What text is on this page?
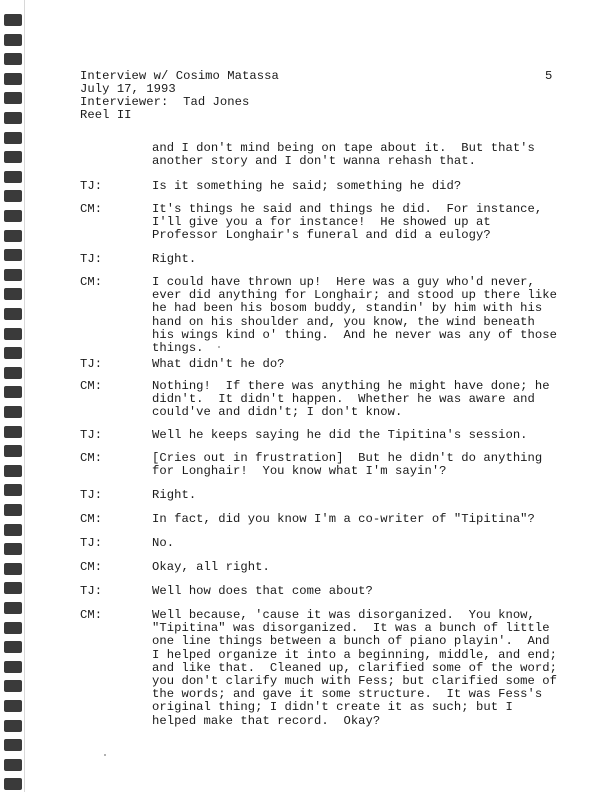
Interview w/ Cosimo Matassa
July 17, 1993
Interviewer:  Tad Jones
Reel II
5
and I don't mind being on tape about it.  But that's
another story and I don't wanna rehash that.
TJ:	Is it something he said; something he did?
CM:	It's things he said and things he did.  For instance,
I'll give you a for instance!  He showed up at
Professor Longhair's funeral and did a eulogy?
TJ:	Right.
CM:	I could have thrown up!  Here was a guy who'd never,
ever did anything for Longhair; and stood up there like
he had been his bosom buddy, standin' by him with his
hand on his shoulder and, you know, the wind beneath
his wings kind o' thing.  And he never was any of those
things.
TJ:	What didn't he do?
CM:	Nothing!  If there was anything he might have done; he
didn't.  It didn't happen.  Whether he was aware and
could've and didn't; I don't know.
TJ:	Well he keeps saying he did the Tipitina's session.
CM:	[Cries out in frustration]  But he didn't do anything
for Longhair!  You know what I'm sayin'?
TJ:	Right.
CM:	In fact, did you know I'm a co-writer of "Tipitina"?
TJ:	No.
CM:	Okay, all right.
TJ:	Well how does that come about?
CM:	Well because, 'cause it was disorganized.  You know,
"Tipitina" was disorganized.  It was a bunch of little
one line things between a bunch of piano playin'.  And
I helped organize it into a beginning, middle, and end;
and like that.  Cleaned up, clarified some of the word;
you don't clarify much with Fess; but clarified some of
the words; and gave it some structure.  It was Fess's
original thing; I didn't create it as such; but I
helped make that record.  Okay?
